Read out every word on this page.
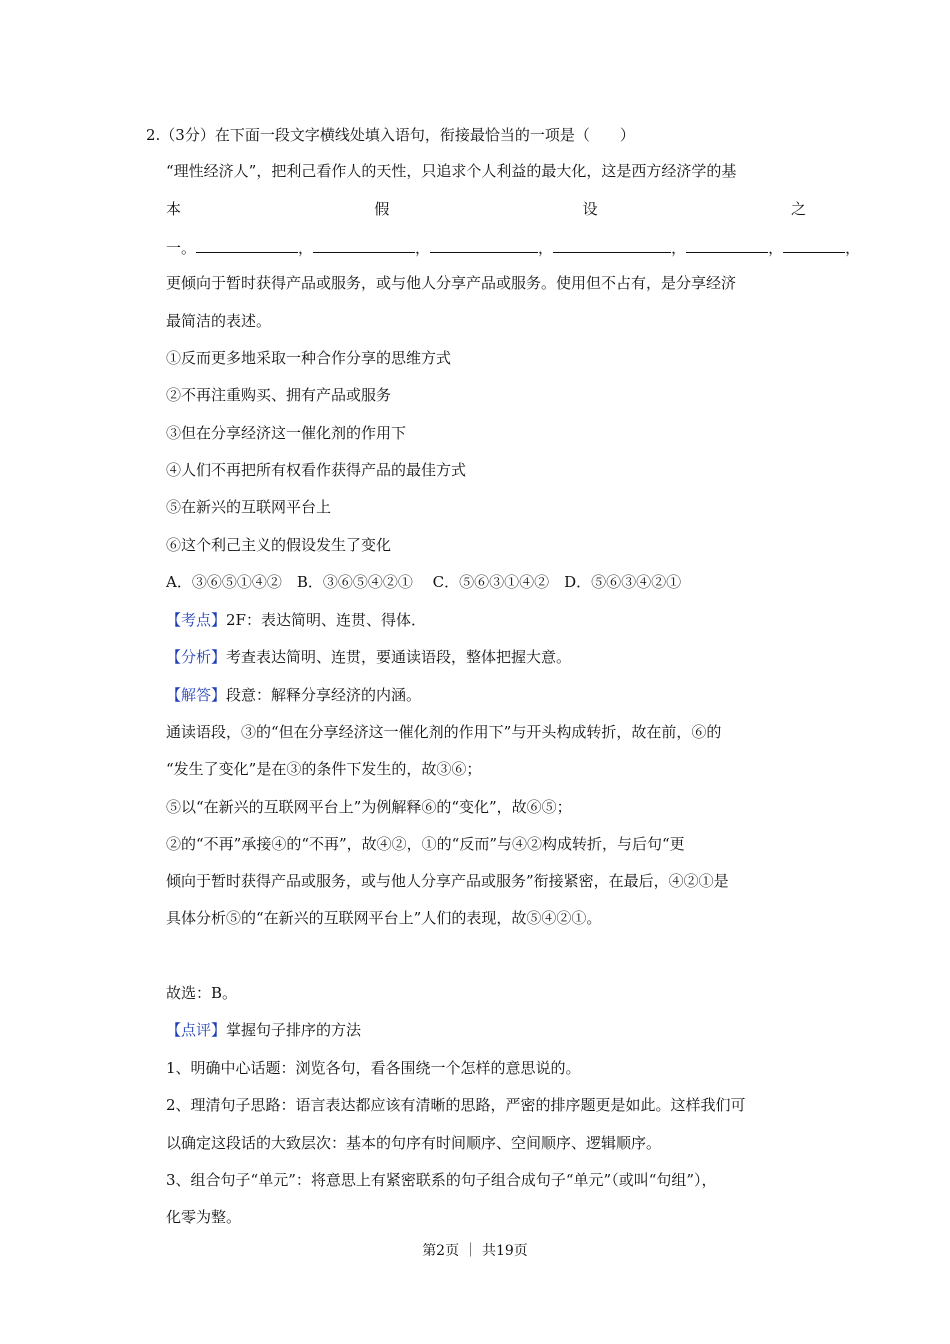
2.（3分）在下面一段文字横线处填入语句，衔接最恰当的一项是（　　）
“理性经济人”，把利己看作人的天性，只追求个人利益的最大化，这是西方经济学的基
本	假	设	之
一。	，	，	，	，	，	，
更倾向于暂时获得产品或服务，或与他人分享产品或服务。使用但不占有，是分享经济
最简洁的表述。
①反而更多地采取一种合作分享的思维方式
②不再注重购买、拥有产品或服务
③但在分享经济这一催化剂的作用下
④人们不再把所有权看作获得产品的最佳方式
⑤在新兴的互联网平台上
⑥这个利己主义的假设发生了变化
A．③⑥⑤①④②　B．③⑥⑤④②①　 C．⑤⑥③①④②　D．⑤⑥③④②①
【考点】2F：表达简明、连贯、得体．
【分析】考查表达简明、连贯，要通读语段，整体把握大意。
【解答】段意：解释分享经济的内涵。
通读语段，③的“但在分享经济这一催化剂的作用下”与开头构成转折，故在前，⑥的
“发生了变化”是在③的条件下发生的，故③⑥；
⑤以“在新兴的互联网平台上”为例解释⑥的“变化”，故⑥⑤；
②的“不再”承接④的“不再”，故④②，①的“反而”与④②构成转折，与后句“更
倾向于暂时获得产品或服务，或与他人分享产品或服务”衔接紧密，在最后，④②①是
具体分析⑤的“在新兴的互联网平台上”人们的表现，故⑤④②①。
故选：B。
【点评】掌握句子排序的方法
1、明确中心话题：浏览各句，看各围绕一个怎样的意思说的。
2、理清句子思路：语言表达都应该有清晰的思路，严密的排序题更是如此。这样我们可
以确定这段话的大致层次：基本的句序有时间顺序、空间顺序、逻辑顺序。
3、组合句子“单元”：将意思上有紧密联系的句子组合成句子“单元”（或叫“句组”），
化零为整。
第2页 ｜ 共19页
